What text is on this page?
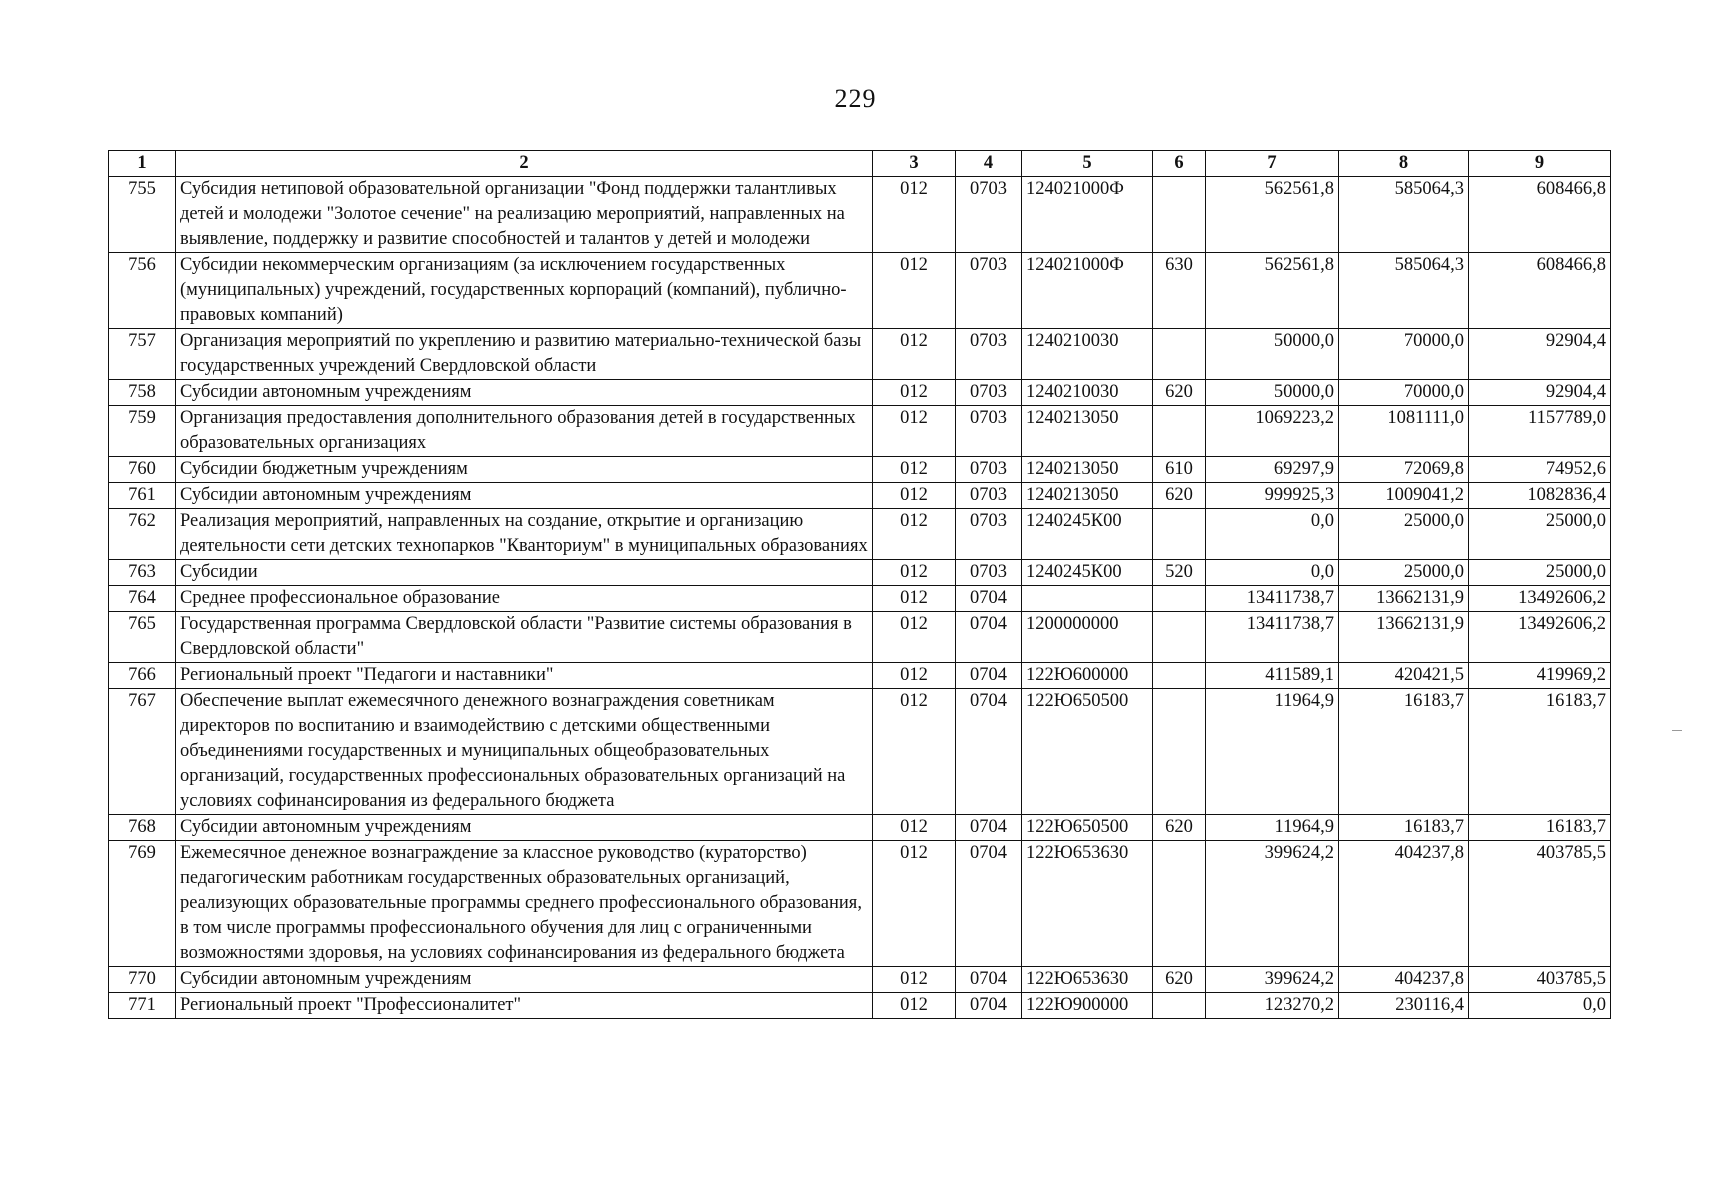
229
1	2	3	4	5	6	7	8	9
755	Субсидия нетиповой образовательной организации "Фонд поддержки талантливых детей и молодежи "Золотое сечение" на реализацию мероприятий, направленных на выявление, поддержку и развитие способностей и талантов у детей и молодежи	012	0703	124021000Ф		562561,8	585064,3	608466,8
756	Субсидии некоммерческим организациям (за исключением государственных (муниципальных) учреждений, государственных корпораций (компаний), публично-правовых компаний)	012	0703	124021000Ф	630	562561,8	585064,3	608466,8
757	Организация мероприятий по укреплению и развитию материально-технической базы государственных учреждений Свердловской области	012	0703	1240210030		50000,0	70000,0	92904,4
758	Субсидии автономным учреждениям	012	0703	1240210030	620	50000,0	70000,0	92904,4
759	Организация предоставления дополнительного образования детей в государственных образовательных организациях	012	0703	1240213050		1069223,2	1081111,0	1157789,0
760	Субсидии бюджетным учреждениям	012	0703	1240213050	610	69297,9	72069,8	74952,6
761	Субсидии автономным учреждениям	012	0703	1240213050	620	999925,3	1009041,2	1082836,4
762	Реализация мероприятий, направленных на создание, открытие и организацию деятельности сети детских технопарков "Кванториум" в муниципальных образованиях	012	0703	1240245К00		0,0	25000,0	25000,0
763	Субсидии	012	0703	1240245К00	520	0,0	25000,0	25000,0
764	Среднее профессиональное образование	012	0704			13411738,7	13662131,9	13492606,2
765	Государственная программа Свердловской области "Развитие системы образования в Свердловской области"	012	0704	1200000000		13411738,7	13662131,9	13492606,2
766	Региональный проект "Педагоги и наставники"	012	0704	122Ю600000		411589,1	420421,5	419969,2
767	Обеспечение выплат ежемесячного денежного вознаграждения советникам директоров по воспитанию и взаимодействию с детскими общественными объединениями государственных и муниципальных общеобразовательных организаций, государственных профессиональных образовательных организаций на условиях софинансирования из федерального бюджета	012	0704	122Ю650500		11964,9	16183,7	16183,7
768	Субсидии автономным учреждениям	012	0704	122Ю650500	620	11964,9	16183,7	16183,7
769	Ежемесячное денежное вознаграждение за классное руководство (кураторство) педагогическим работникам государственных образовательных организаций, реализующих образовательные программы среднего профессионального образования, в том числе программы профессионального обучения для лиц с ограниченными возможностями здоровья, на условиях софинансирования из федерального бюджета	012	0704	122Ю653630		399624,2	404237,8	403785,5
770	Субсидии автономным учреждениям	012	0704	122Ю653630	620	399624,2	404237,8	403785,5
771	Региональный проект "Профессионалитет"	012	0704	122Ю900000		123270,2	230116,4	0,0
